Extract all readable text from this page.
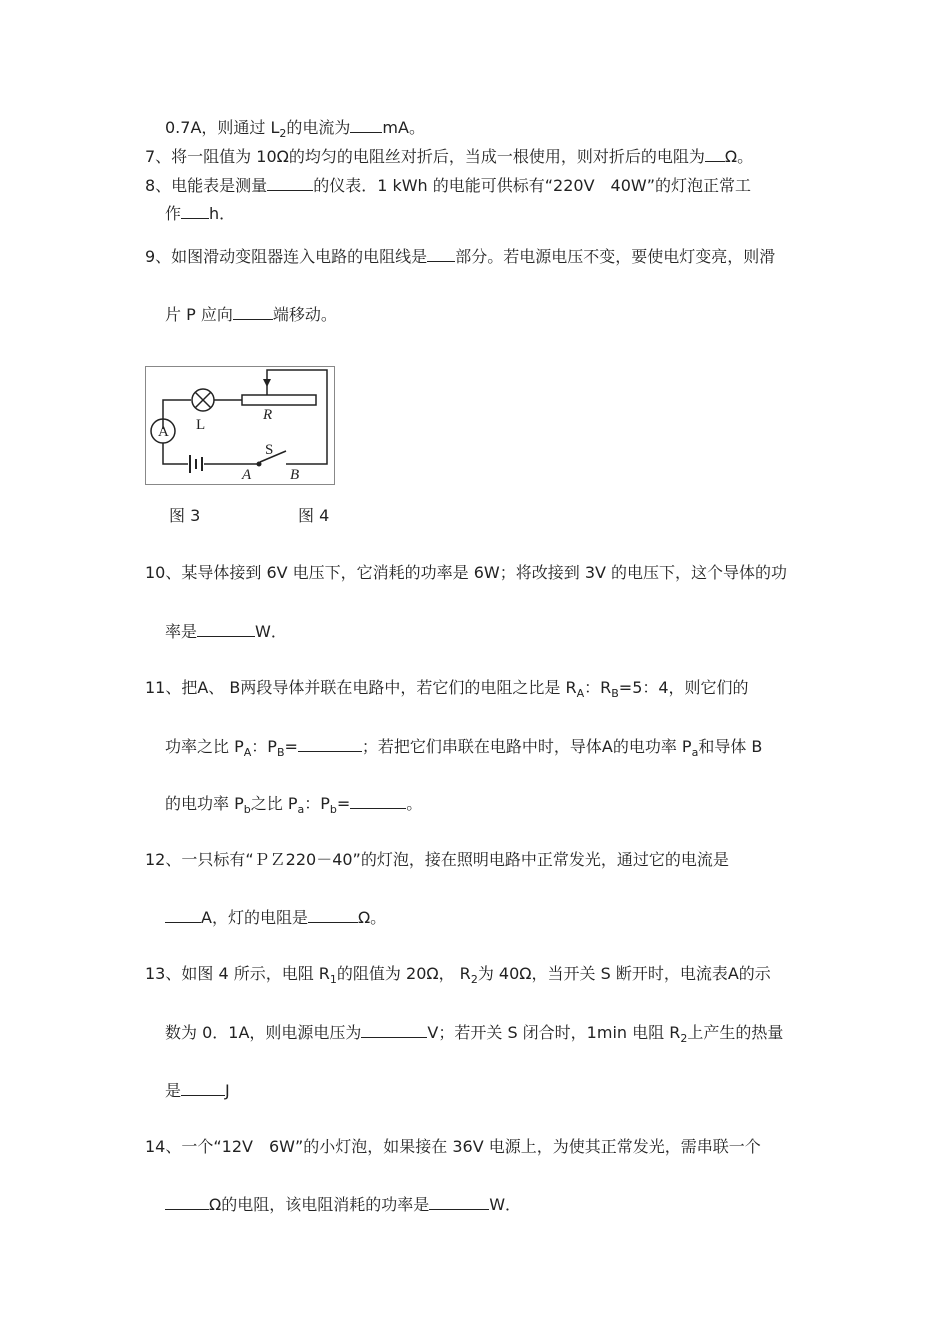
0.7A，则通过 $L_2$的电流为 mA。
7、将一阻值为 10Ω的均匀的电阻丝对折后，当成一根使用，则对折后的电阻为 Ω。
8、电能表是测量	的仪表．1 kWh 的电能可供标有“220V　40W”的灯泡正常工
作 h．
9、如图滑动变阻器连入电路的电阻线是 部分。若电源电压不变，要使电灯变亮，则滑
片 P 应向	端移动。
A L
R
S
A	B
图 3	图 4
10、某导体接到 6V 电压下，它消耗的功率是 6W；将改接到 3V 的电压下，这个导体的功
率是	W．
11、把A、 B两段导体并联在电路中，若它们的电阻之比是 $R_A$：$R_B=5$：4，则它们的
功率之比 $P_A$：$P_B=$	；若把它们串联在电路中时，导体A的电功率 $P_a$和导体 B
的电功率 $P_b$之比 $P_a$：$P_b=$	。
12、一只标有“ＰＺ220－40”的灯泡，接在照明电路中正常发光，通过它的电流是
A，灯的电阻是	Ω。
13、如图 4 所示，电阻 $R_1$的阻值为 20Ω， $R_2$为 40Ω，当开关 S 断开时，电流表A的示
数为 0．1A，则电源电压为	V；若开关 S 闭合时，1min 电阻 $R_2$上产生的热量
是	J
14、一个“12V　6W”的小灯泡，如果接在 36V 电源上，为使其正常发光，需串联一个
Ω的电阻，该电阻消耗的功率是	W．
